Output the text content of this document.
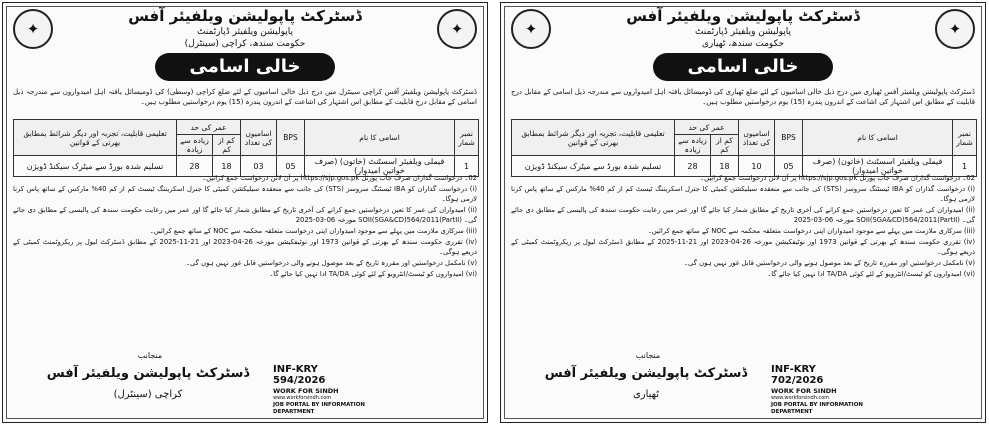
✦	✦
ڈسٹرکٹ پاپولیشن ویلفیئر آفس
پاپولیشن ویلفیئر ڈپارٹمنٹ
حکومت سندھ، کراچی (سینٹرل)
خالی اسامی
ڈسٹرکٹ پاپولیشن ویلفیئر آفس کراچی سینٹرل میں درج ذیل خالی اسامیوں کے لئے ضلع کراچی (وسطی) کی ڈومیسائل یافتہ اہل امیدواروں سے مندرجہ ذیل اسامی کے مقابل درج قابلیت کے مطابق اس اشتہار کی اشاعت کے اندرون پندرہ (15) یوم درخواستیں مطلوب ہیں۔
نمبر شمار	اسامی کا نام	BPS	اسامیوں کی تعداد	عمر کی حد		تعلیمی قابلیت، تجربہ اور دیگر شرائط بمطابق بھرتی کے قوانین
				کم از کم	زیادہ سے زیادہ	
1	فیملی ویلفیئر اسسٹنٹ (خاتون) (صرف خواتین امیدوار)	05	03	18	28	تسلیم شدہ بورڈ سے میٹرک سیکنڈ ڈویژن

02۔ درخواست گذاران صرف جاب پورٹل https://sjp.gos.pk پر آن لائن درخواست جمع کرائیں۔

(i) درخواست گذاران کو IBA ٹیسٹنگ سروسز (STS) کی جانب سے منعقدہ سیلیکشن کمیٹی کا جنرل اسکریننگ ٹیسٹ کم از کم 40% مارکس کے ساتھ پاس کرنا لازمی ہوگا۔

(ii) امیدواران کی عمر کا تعین درخواستیں جمع کرانے کی آخری تاریخ کے مطابق شمار کیا جائے گا اور عمر میں رعایت حکومت سندھ کی پالیسی کے مطابق دی جائے گی۔ SOII(SGA&CD)564/2011(PartII) مورخہ 06-03-2025

(iii) سرکاری ملازمت میں پہلے سے موجود امیدواران اپنی درخواست متعلقہ محکمہ سے NOC کے ساتھ جمع کرائیں۔

(iv) تقرری حکومت سندھ کے بھرتی کے قوانین 1973 اور نوٹیفکیشن مورخہ 26-04-2023 اور 21-11-2025 کے مطابق ڈسٹرکٹ لیول پر ریکروٹمنٹ کمیٹی کے ذریعے ہوگی۔

(v) نامکمل درخواستیں اور مقررہ تاریخ کے بعد موصول ہونے والی درخواستیں قابل غور نہیں ہوں گی۔

(vi) امیدواروں کو ٹیسٹ/انٹرویو کے لئے کوئی TA/DA ادا نہیں کیا جائے گا۔

منجانب ڈسٹرکٹ پاپولیشن ویلفیئر آفس
کراچی (سینٹرل)
INF-KRY 594/2026
WORK FOR SINDH
www.workforsindh.com
JOB PORTAL BY INFORMATION DEPARTMENT
✦	✦
ڈسٹرکٹ پاپولیشن ویلفیئر آفس
پاپولیشن ویلفیئر ڈپارٹمنٹ
حکومت سندھ، ٹھیاری
خالی اسامی
ڈسٹرکٹ پاپولیشن ویلفیئر آفس ٹھیاری میں درج ذیل خالی اسامیوں کے لئے ضلع ٹھیاری کی ڈومیسائل یافتہ اہل امیدواروں سے مندرجہ ذیل اسامی کے مقابل درج قابلیت کے مطابق اس اشتہار کی اشاعت کے اندرون پندرہ (15) یوم درخواستیں مطلوب ہیں۔
نمبر شمار	اسامی کا نام	BPS	اسامیوں کی تعداد	عمر کی حد		تعلیمی قابلیت، تجربہ اور دیگر شرائط بمطابق بھرتی کے قوانین
				کم از کم	زیادہ سے زیادہ	
1	فیملی ویلفیئر اسسٹنٹ (خاتون) (صرف خواتین امیدوار)	05	10	18	28	تسلیم شدہ بورڈ سے میٹرک سیکنڈ ڈویژن

02۔ درخواست گذاران صرف جاب پورٹل https://sjp.gos.pk پر آن لائن درخواست جمع کرائیں۔

(i) درخواست گذاران کو IBA ٹیسٹنگ سروسز (STS) کی جانب سے منعقدہ سیلیکشن کمیٹی کا جنرل اسکریننگ ٹیسٹ کم از کم 40% مارکس کے ساتھ پاس کرنا لازمی ہوگا۔

(ii) امیدواران کی عمر کا تعین درخواستیں جمع کرانے کی آخری تاریخ کے مطابق شمار کیا جائے گا اور عمر میں رعایت حکومت سندھ کی پالیسی کے مطابق دی جائے گی۔ SOII(SGA&CD)564/2011(PartII) مورخہ 06-03-2025

(iii) سرکاری ملازمت میں پہلے سے موجود امیدواران اپنی درخواست متعلقہ محکمہ سے NOC کے ساتھ جمع کرائیں۔

(iv) تقرری حکومت سندھ کے بھرتی کے قوانین 1973 اور نوٹیفکیشن مورخہ 26-04-2023 اور 21-11-2025 کے مطابق ڈسٹرکٹ لیول پر ریکروٹمنٹ کمیٹی کے ذریعے ہوگی۔

(v) نامکمل درخواستیں اور مقررہ تاریخ کے بعد موصول ہونے والی درخواستیں قابل غور نہیں ہوں گی۔

(vi) امیدواروں کو ٹیسٹ/انٹرویو کے لئے کوئی TA/DA ادا نہیں کیا جائے گا۔

منجانب ڈسٹرکٹ پاپولیشن ویلفیئر آفس
ٹھیاری
INF-KRY 702/2026
WORK FOR SINDH
www.workforsindh.com
JOB PORTAL BY INFORMATION DEPARTMENT
